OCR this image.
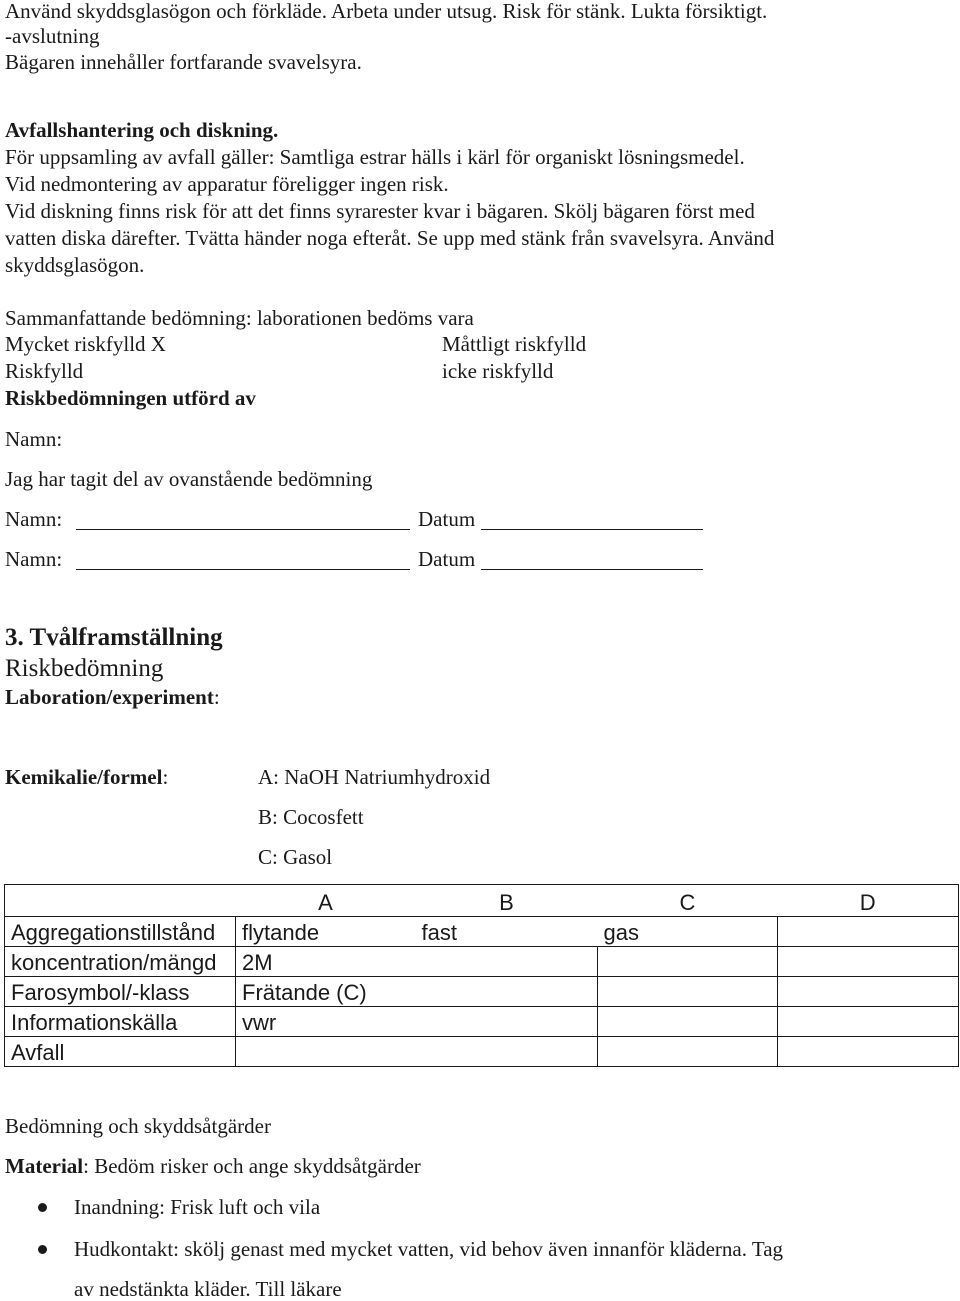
Använd skyddsglasögon och förkläde. Arbeta under utsug. Risk för stänk. Lukta försiktigt.
-avslutning
Bägaren innehåller fortfarande svavelsyra.
Avfallshantering och diskning.
För uppsamling av avfall gäller: Samtliga estrar hälls i kärl för organiskt lösningsmedel.
Vid nedmontering av apparatur föreligger ingen risk.
Vid diskning finns risk för att det finns syrarester kvar i bägaren. Skölj bägaren först med
vatten diska därefter. Tvätta händer noga efteråt. Se upp med stänk från svavelsyra. Använd
skyddsglasögon.
Sammanfattande bedömning: laborationen bedöms vara
Mycket riskfylld X	Måttligt riskfylld
Riskfylld	icke riskfylld
Riskbedömningen utförd av
Namn:
Jag har tagit del av ovanstående bedömning
Namn:	Datum
Namn:	Datum
3. Tvålframställning
Riskbedömning
Laboration/experiment:
Kemikalie/formel:	A: NaOH Natriumhydroxid
B: Cocosfett
C: Gasol
	A	B	C	D
Aggregationstillstånd	flytande	fast	gas	
koncentration/mängd	2M			
Farosymbol/-klass	Frätande (C)			
Informationskälla	vwr			
Avfall				
Bedömning och skyddsåtgärder
Material: Bedöm risker och ange skyddsåtgärder
Inandning: Frisk luft och vila
Hudkontakt: skölj genast med mycket vatten, vid behov även innanför kläderna. Tag
av nedstänkta kläder. Till läkare
